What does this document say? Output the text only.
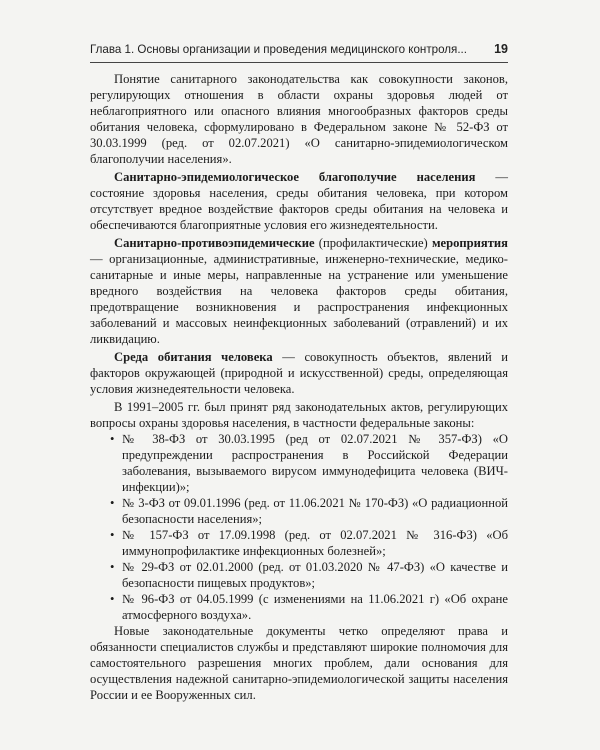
Глава 1. Основы организации и проведения медицинского контроля... 19

Понятие санитарного законодательства как совокупности законов, регулирующих отношения в области охраны здоровья людей от неблагоприятного или опасного влияния многообразных факторов среды обитания человека, сформулировано в Федеральном законе № 52-ФЗ от 30.03.1999 (ред. от 02.07.2021) «О санитарно-эпидемиологическом благополучии населения».

Санитарно-эпидемиологическое благополучие населения — состояние здоровья населения, среды обитания человека, при котором отсутствует вредное воздействие факторов среды обитания на человека и обеспечиваются благоприятные условия его жизнедеятельности.

Санитарно-противоэпидемические (профилактические) мероприятия — организационные, административные, инженерно-технические, медико-санитарные и иные меры, направленные на устранение или уменьшение вредного воздействия на человека факторов среды обитания, предотвращение возникновения и распространения инфекционных заболеваний и массовых неинфекционных заболеваний (отравлений) и их ликвидацию.

Среда обитания человека — совокупность объектов, явлений и факторов окружающей (природной и искусственной) среды, определяющая условия жизнедеятельности человека.

В 1991–2005 гг. был принят ряд законодательных актов, регулирующих вопросы охраны здоровья населения, в частности федеральные законы:

• № 38-ФЗ от 30.03.1995 (ред от 02.07.2021 № 357-ФЗ) «О предупреждении распространения в Российской Федерации заболевания, вызываемого вирусом иммунодефицита человека (ВИЧ-инфекции)»;
• № 3-ФЗ от 09.01.1996 (ред. от 11.06.2021 № 170-ФЗ) «О радиационной безопасности населения»;
• № 157-ФЗ от 17.09.1998 (ред. от 02.07.2021 № 316-ФЗ) «Об иммунопрофилактике инфекционных болезней»;
• № 29-ФЗ от 02.01.2000 (ред. от 01.03.2020 № 47-ФЗ) «О качестве и безопасности пищевых продуктов»;
• № 96-ФЗ от 04.05.1999 (с изменениями на 11.06.2021 г) «Об охране атмосферного воздуха».

Новые законодательные документы четко определяют права и обязанности специалистов службы и представляют широкие полномочия для самостоятельного разрешения многих проблем, дали основания для осуществления надежной санитарно-эпидемиологической защиты населения России и ее Вооруженных сил.
